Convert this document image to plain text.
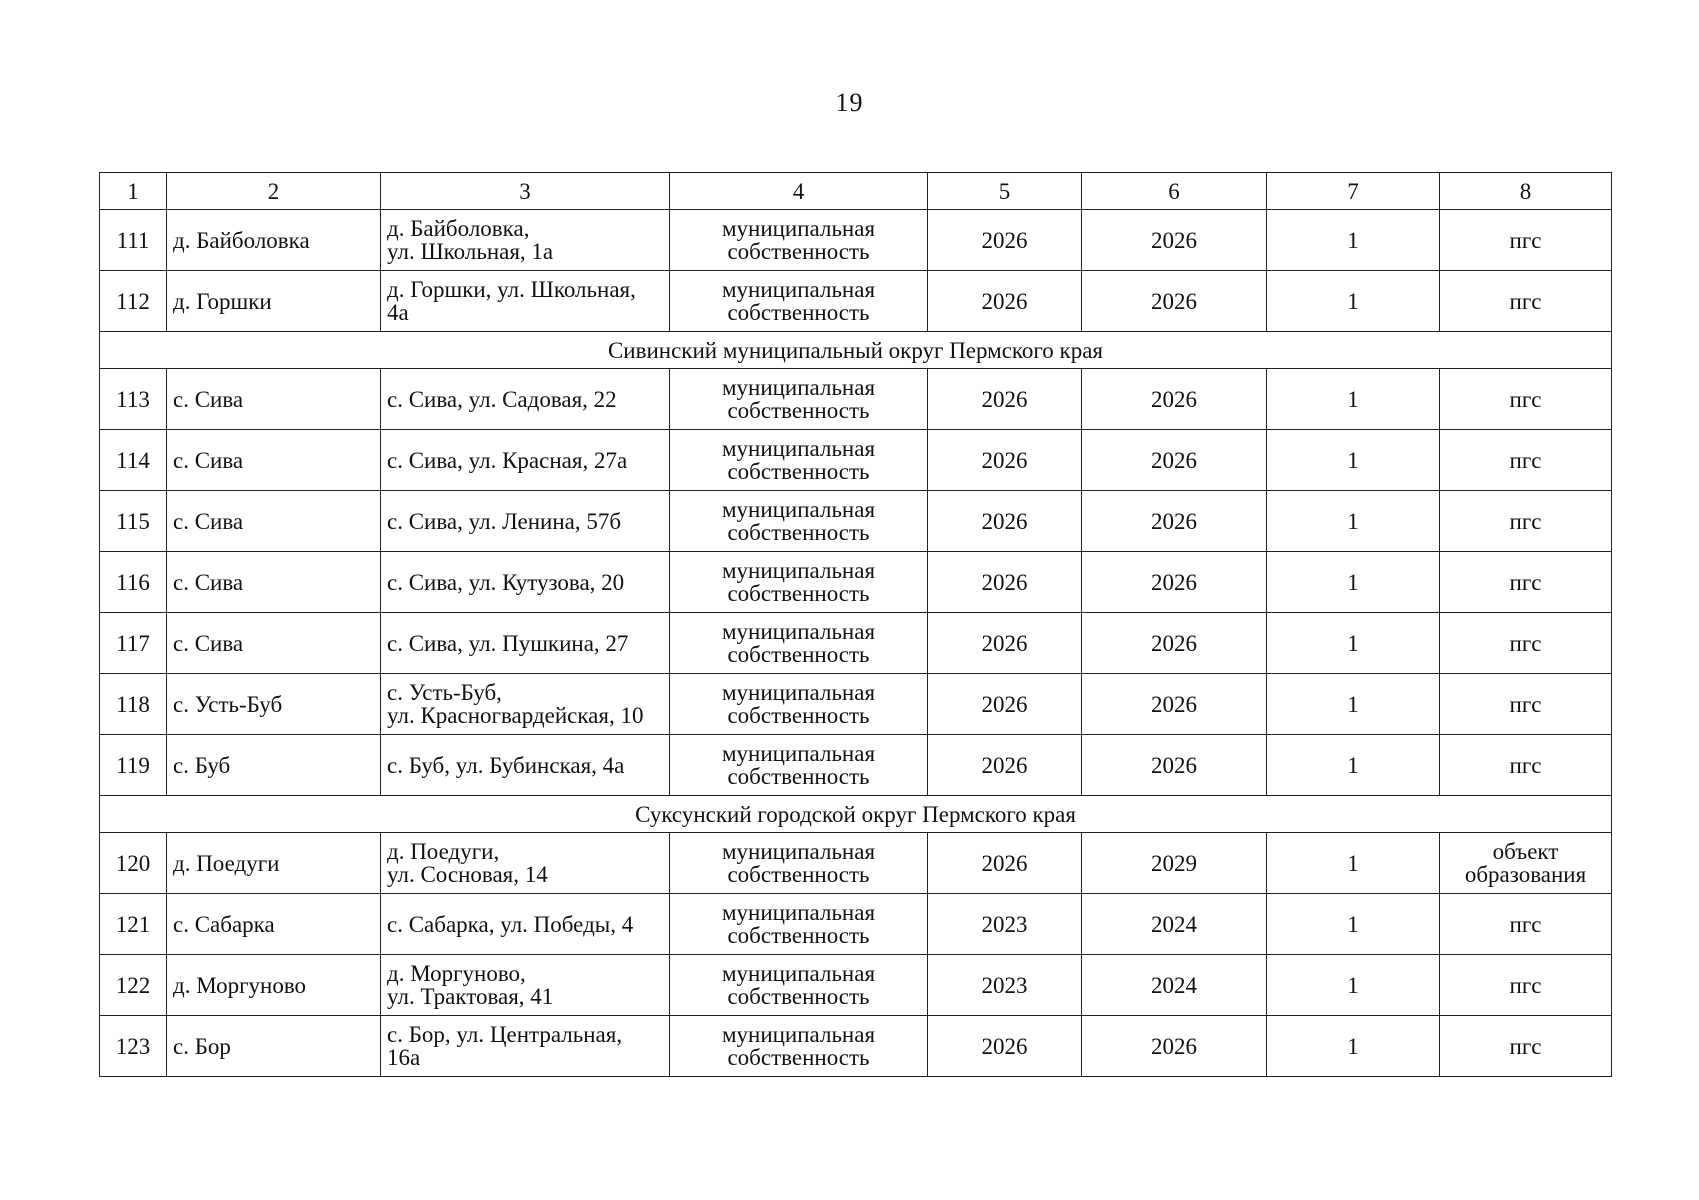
19
1	2	3	4	5	6	7	8
111	д. Байболовка	д. Байболовка,
ул. Школьная, 1а	муниципальная
собственность	2026	2026	1	пгс

112	д. Горшки	д. Горшки, ул. Школьная,
4а	муниципальная
собственность	2026	2026	1	пгс

Сивинский муниципальный округ Пермского края							
113	с. Сива	с. Сива, ул. Садовая, 22	муниципальная
собственность	2026	2026	1	пгс

114	с. Сива	с. Сива, ул. Красная, 27а	муниципальная
собственность	2026	2026	1	пгс

115	с. Сива	с. Сива, ул. Ленина, 57б	муниципальная
собственность	2026	2026	1	пгс

116	с. Сива	с. Сива, ул. Кутузова, 20	муниципальная
собственность	2026	2026	1	пгс

117	с. Сива	с. Сива, ул. Пушкина, 27	муниципальная
собственность	2026	2026	1	пгс

118	с. Усть-Буб	с. Усть-Буб,
ул. Красногвардейская, 10	муниципальная
собственность	2026	2026	1	пгс

119	с. Буб	с. Буб, ул. Бубинская, 4а	муниципальная
собственность	2026	2026	1	пгс

Суксунский городской округ Пермского края							
120	д. Поедуги	д. Поедуги,
ул. Сосновая, 14	муниципальная
собственность	2026	2029	1	объект
образования

121	с. Сабарка	с. Сабарка, ул. Победы, 4	муниципальная
собственность	2023	2024	1	пгс

122	д. Моргуново	д. Моргуново,
ул. Трактовая, 41	муниципальная
собственность	2023	2024	1	пгс

123	с. Бор	с. Бор, ул. Центральная,
16а	муниципальная
собственность	2026	2026	1	пгс
